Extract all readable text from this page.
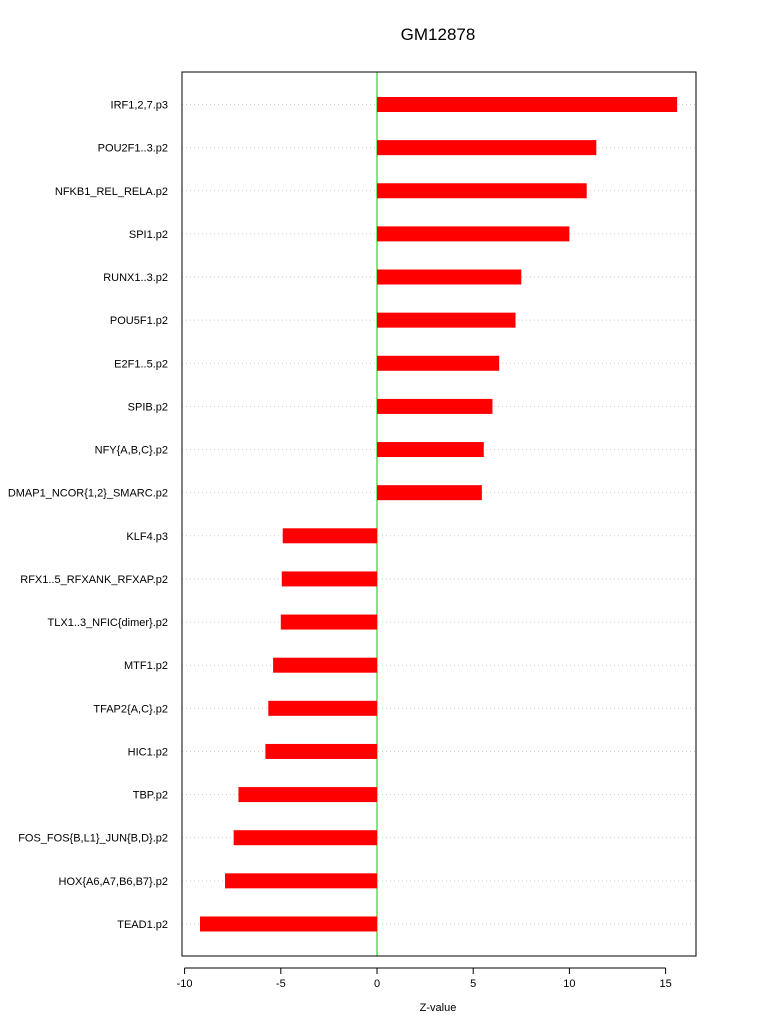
GM12878
IRF1,2,7.p3
POU2F1..3.p2
NFKB1_REL_RELA.p2
SPI1.p2
RUNX1..3.p2
POU5F1.p2
E2F1..5.p2
SPIB.p2
NFY{A,B,C}.p2
DMAP1_NCOR{1,2}_SMARC.p2
KLF4.p3
RFX1..5_RFXANK_RFXAP.p2
TLX1..3_NFIC{dimer}.p2
MTF1.p2
TFAP2{A,C}.p2
HIC1.p2
TBP.p2
FOS_FOS{B,L1}_JUN{B,D}.p2
HOX{A6,A7,B6,B7}.p2
TEAD1.p2
-10	-5	0	5	10	15
Z-value
